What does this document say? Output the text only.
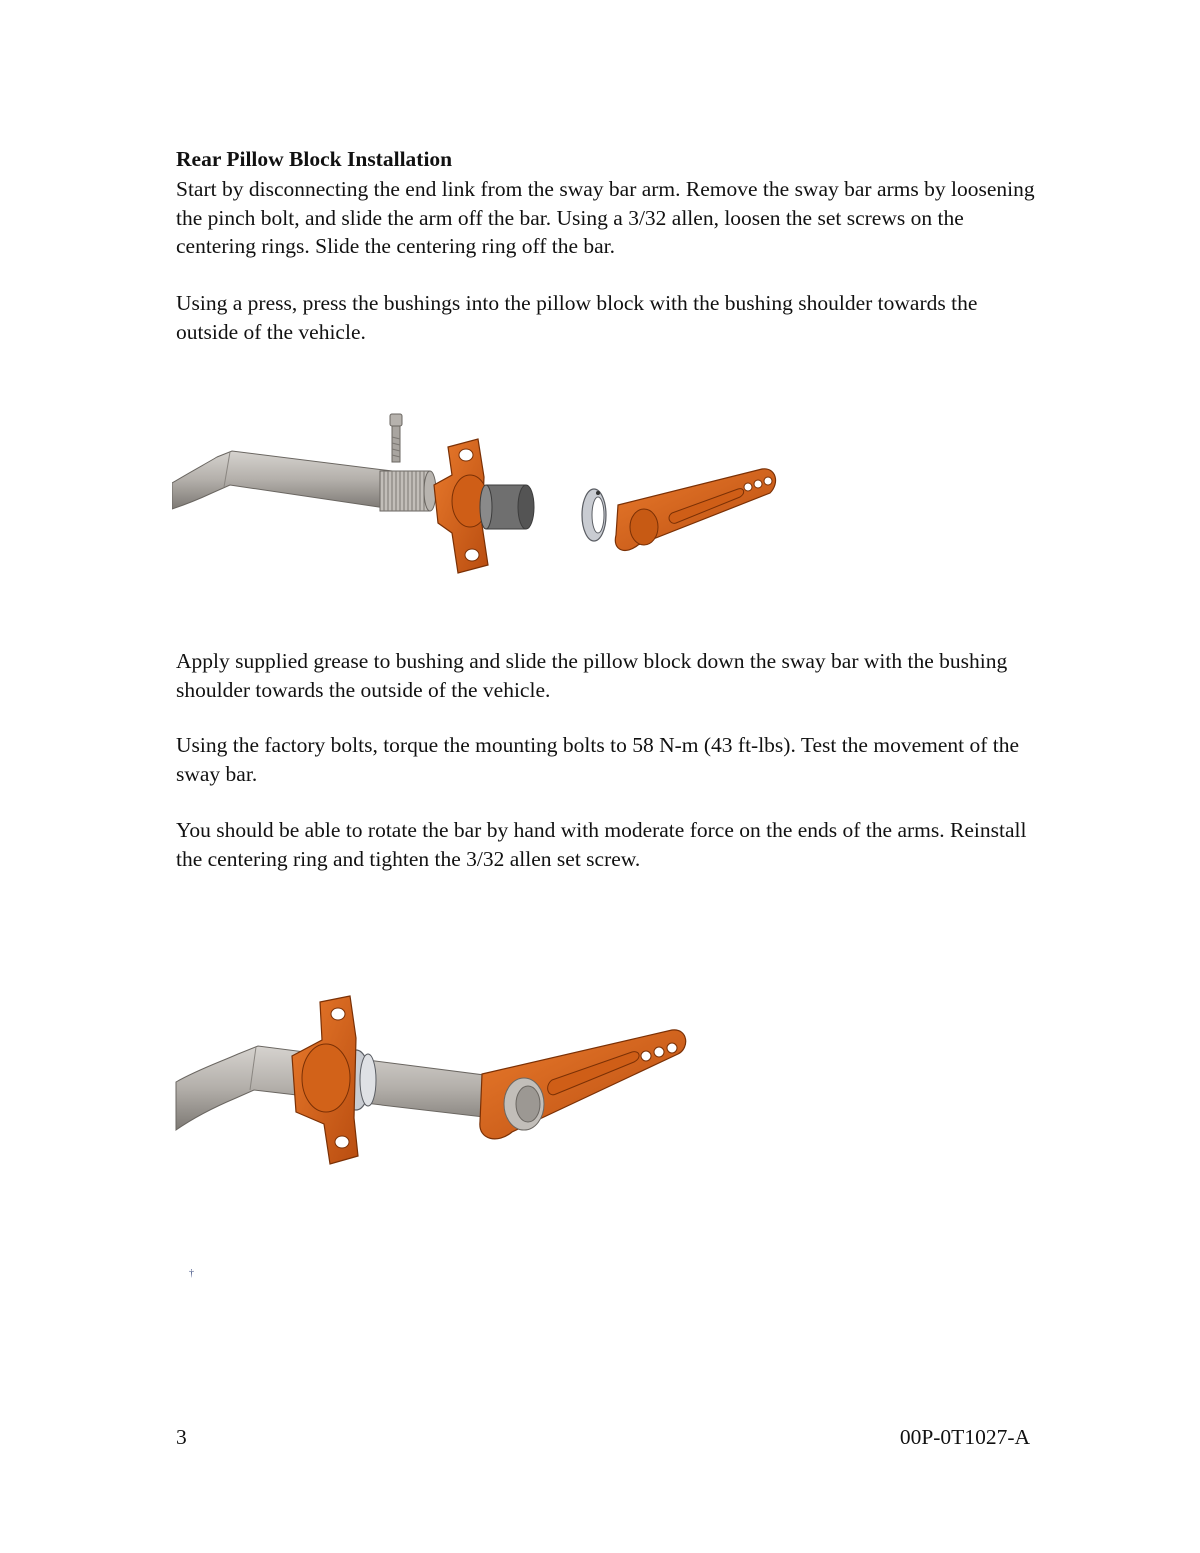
Rear Pillow Block Installation

Start by disconnecting the end link from the sway bar arm. Remove the sway bar arms by loosening the pinch bolt, and slide the arm off the bar. Using a 3/32 allen, loosen the set screws on the centering rings. Slide the centering ring off the bar.

Using a press, press the bushings into the pillow block with the bushing shoulder towards the outside of the vehicle.

Apply supplied grease to bushing and slide the pillow block down the sway bar with the bushing shoulder towards the outside of the vehicle.

Using the factory bolts, torque the mounting bolts to 58 N-m (43 ft-lbs). Test the movement of the sway bar.

You should be able to rotate the bar by hand with moderate force on the ends of the arms. Reinstall the centering ring and tighten the 3/32 allen set screw.

†
3	00P-0T1027-A
